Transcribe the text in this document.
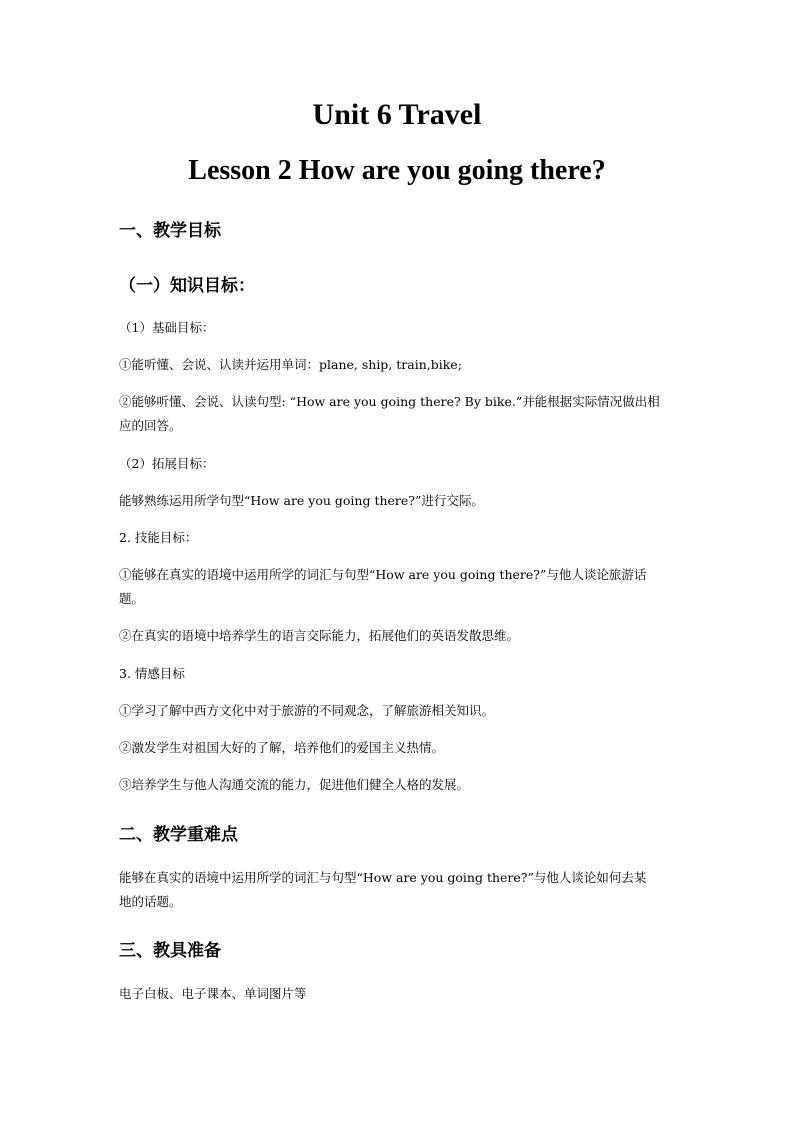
Unit 6 Travel
Lesson 2 How are you going there?
一、教学目标
（一）知识目标：

（1）基础目标：

①能听懂、会说、认读并运用单词：plane, ship, train,bike;

②能够听懂、会说、认读句型: “How are you going there? By bike.”并能根据实际情况做出相

应的回答。

（2）拓展目标：

能够熟练运用所学句型“How are you going there?”进行交际。

2. 技能目标：

①能够在真实的语境中运用所学的词汇与句型“How are you going there?”与他人谈论旅游话

题。

②在真实的语境中培养学生的语言交际能力，拓展他们的英语发散思维。

3. 情感目标

①学习了解中西方文化中对于旅游的不同观念，了解旅游相关知识。

②激发学生对祖国大好的了解，培养他们的爱国主义热情。

③培养学生与他人沟通交流的能力，促进他们健全人格的发展。

二、教学重难点

能够在真实的语境中运用所学的词汇与句型“How are you going there?”与他人谈论如何去某

地的话题。

三、教具准备

电子白板、电子课本、单词图片等
